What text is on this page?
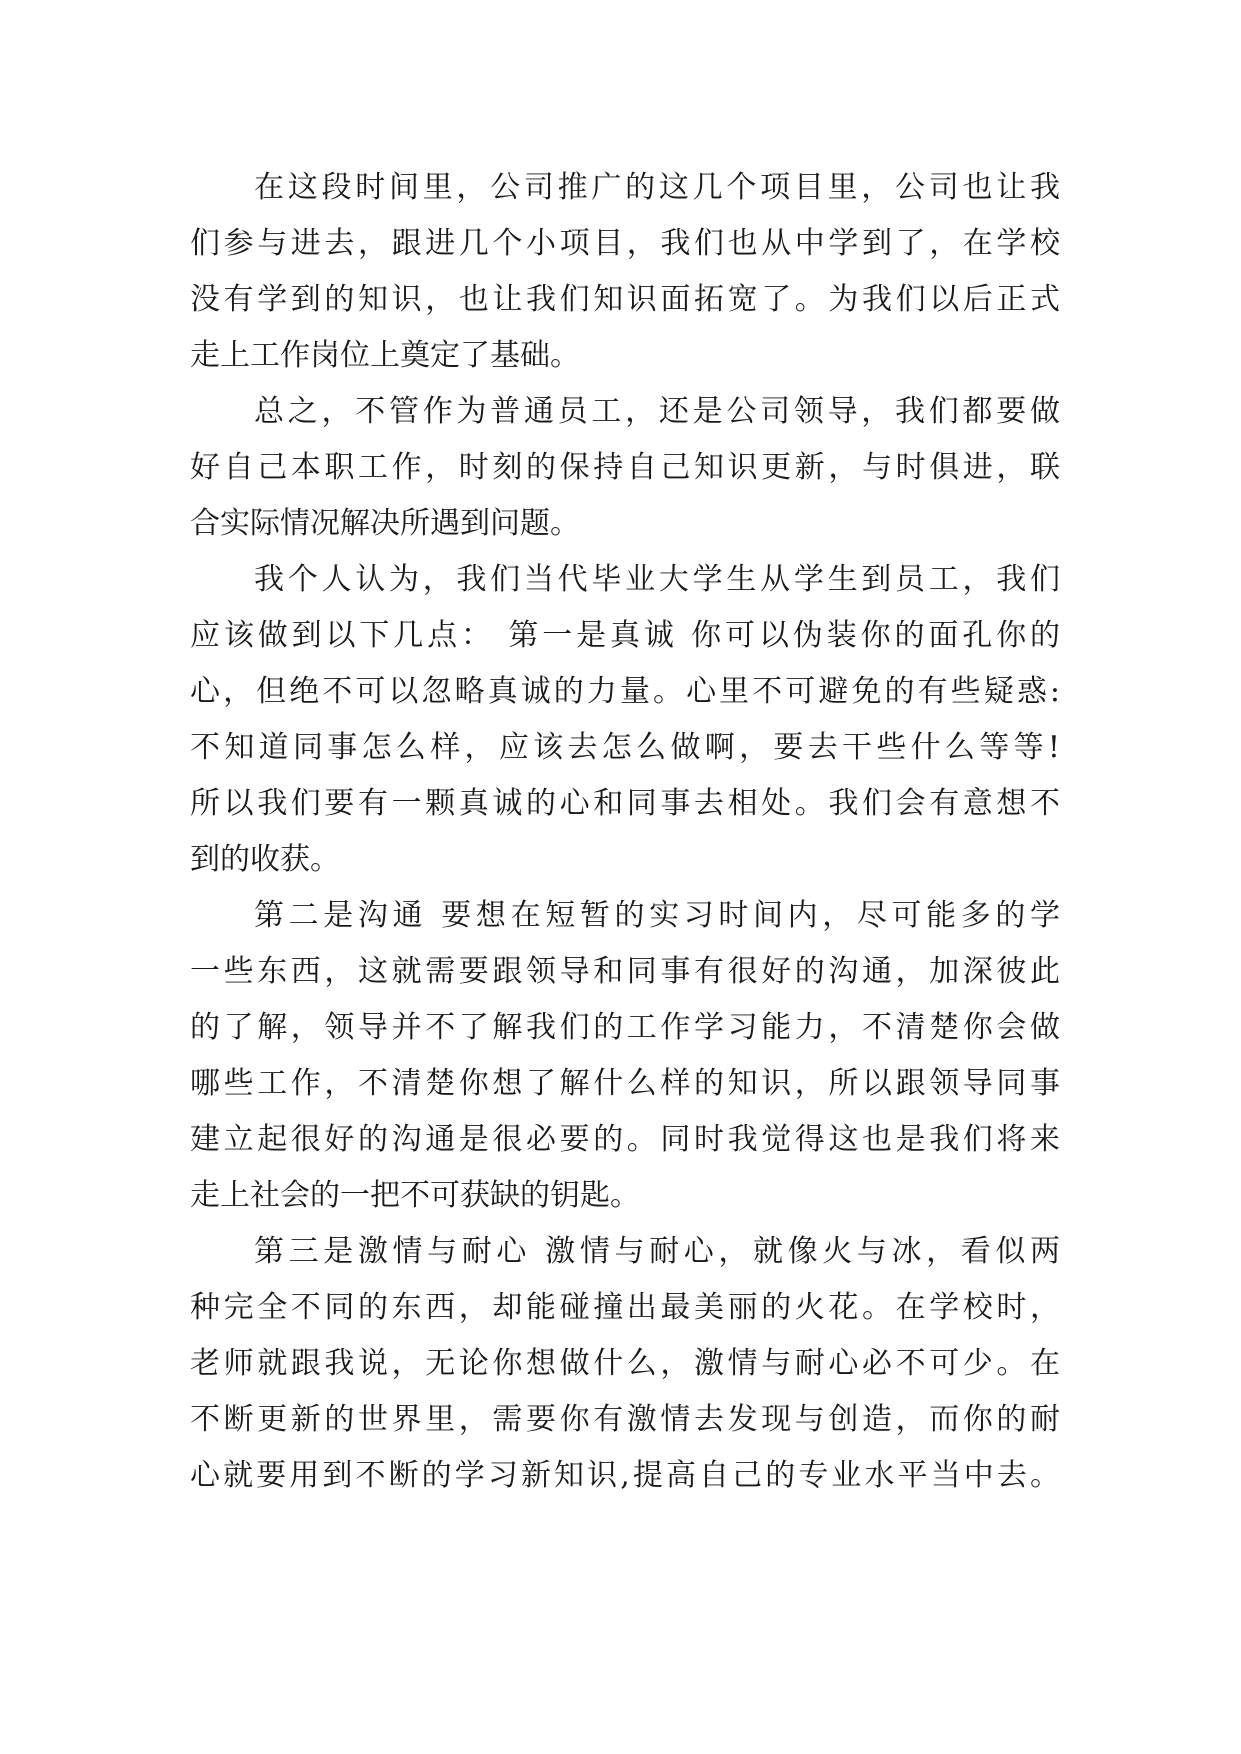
在这段时间里，公司推广的这几个项目里，公司也让我
们参与进去，跟进几个小项目，我们也从中学到了，在学校
没有学到的知识，也让我们知识面拓宽了。为我们以后正式
走上工作岗位上奠定了基础。
总之，不管作为普通员工，还是公司领导，我们都要做
好自己本职工作，时刻的保持自己知识更新，与时俱进，联
合实际情况解决所遇到问题。
我个人认为，我们当代毕业大学生从学生到员工，我们
应该做到以下几点： 第一是真诚 你可以伪装你的面孔你的
心，但绝不可以忽略真诚的力量。心里不可避免的有些疑惑:
不知道同事怎么样，应该去怎么做啊，要去干些什么等等!
所以我们要有一颗真诚的心和同事去相处。我们会有意想不
到的收获。
第二是沟通 要想在短暂的实习时间内，尽可能多的学
一些东西，这就需要跟领导和同事有很好的沟通，加深彼此
的了解，领导并不了解我们的工作学习能力，不清楚你会做
哪些工作，不清楚你想了解什么样的知识，所以跟领导同事
建立起很好的沟通是很必要的。同时我觉得这也是我们将来
走上社会的一把不可获缺的钥匙。
第三是激情与耐心 激情与耐心，就像火与冰，看似两
种完全不同的东西，却能碰撞出最美丽的火花。在学校时，
老师就跟我说，无论你想做什么，激情与耐心必不可少。在
不断更新的世界里，需要你有激情去发现与创造，而你的耐
心就要用到不断的学习新知识,提高自己的专业水平当中去。
